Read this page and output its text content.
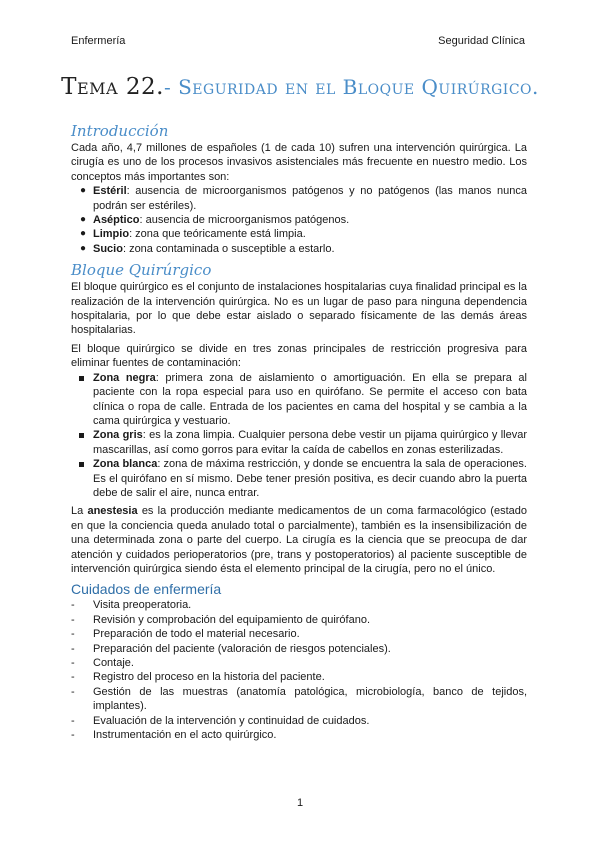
Enfermería	Seguridad Clínica
Tema 22.- Seguridad en el Bloque Quirúrgico.
Introducción

Cada año, 4,7 millones de españoles (1 de cada 10) sufren una intervención quirúrgica. La cirugía es uno de los procesos invasivos asistenciales más frecuente en nuestro medio. Los conceptos más importantes son:

● Estéril: ausencia de microorganismos patógenos y no patógenos (las manos nunca podrán ser estériles).
● Aséptico: ausencia de microorganismos patógenos.
● Limpio: zona que teóricamente está limpia.
● Sucio: zona contaminada o susceptible a estarlo.
Bloque Quirúrgico

El bloque quirúrgico es el conjunto de instalaciones hospitalarias cuya finalidad principal es la realización de la intervención quirúrgica. No es un lugar de paso para ninguna dependencia hospitalaria, por lo que debe estar aislado o separado físicamente de las demás áreas hospitalarias.

El bloque quirúrgico se divide en tres zonas principales de restricción progresiva para eliminar fuentes de contaminación:

Zona negra: primera zona de aislamiento o amortiguación. En ella se prepara al paciente con la ropa especial para uso en quirófano. Se permite el acceso con bata clínica o ropa de calle. Entrada de los pacientes en cama del hospital y se cambia a la cama quirúrgica y vestuario.
Zona gris: es la zona limpia. Cualquier persona debe vestir un pijama quirúrgico y llevar mascarillas, así como gorros para evitar la caída de cabellos en zonas esterilizadas.
Zona blanca: zona de máxima restricción, y donde se encuentra la sala de operaciones. Es el quirófano en sí mismo. Debe tener presión positiva, es decir cuando abro la puerta debe de salir el aire, nunca entrar.

La anestesia es la producción mediante medicamentos de un coma farmacológico (estado en que la conciencia queda anulado total o parcialmente), también es la insensibilización de una determinada zona o parte del cuerpo. La cirugía es la ciencia que se preocupa de dar atención y cuidados perioperatorios (pre, trans y postoperatorios) al paciente susceptible de intervención quirúrgica siendo ésta el elemento principal de la cirugía, pero no el único.

Cuidados de enfermería
- Visita preoperatoria.
- Revisión y comprobación del equipamiento de quirófano.
- Preparación de todo el material necesario.
- Preparación del paciente (valoración de riesgos potenciales).
- Contaje.
- Registro del proceso en la historia del paciente.
- Gestión de las muestras (anatomía patológica, microbiología, banco de tejidos, implantes).
- Evaluación de la intervención y continuidad de cuidados.
- Instrumentación en el acto quirúrgico.
1
